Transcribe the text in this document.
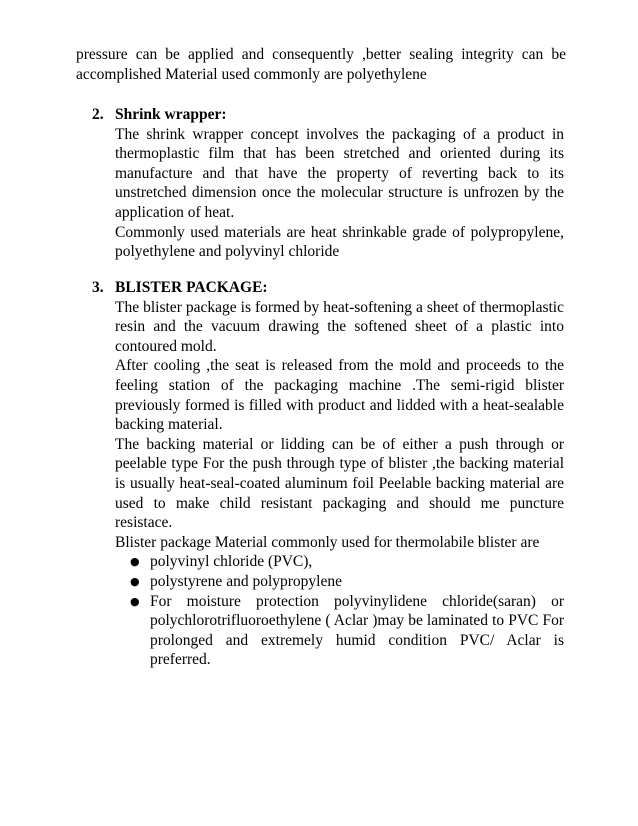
pressure can be applied and consequently ,better sealing integrity can be accomplished Material used commonly are polyethylene

2. Shrink wrapper:

The shrink wrapper concept involves the packaging of a product in thermoplastic film that has been stretched and oriented during its manufacture and that have the property of reverting back to its unstretched dimension once the molecular structure is unfrozen by the application of heat.

Commonly used materials are heat shrinkable grade of polypropylene, polyethylene and polyvinyl chloride

3. BLISTER PACKAGE:

The blister package is formed by heat-softening a sheet of thermoplastic resin and the vacuum drawing the softened sheet of a plastic into contoured mold.

After cooling ,the seat is released from the mold and proceeds to the feeling station of the packaging machine .The semi-rigid blister previously formed is filled with product and lidded with a heat-sealable backing material.

The backing material or lidding can be of either a push through or peelable type For the push through type of blister ,the backing material is usually heat-seal-coated aluminum foil Peelable backing material are used to make child resistant packaging and should me puncture resistace.

Blister package Material commonly used for thermolabile blister are

● polyvinyl chloride (PVC),
● polystyrene and polypropylene
● For moisture protection polyvinylidene chloride(saran) or polychlorotrifluoroethylene ( Aclar )may be laminated to PVC For prolonged and extremely humid condition PVC/ Aclar is preferred.
